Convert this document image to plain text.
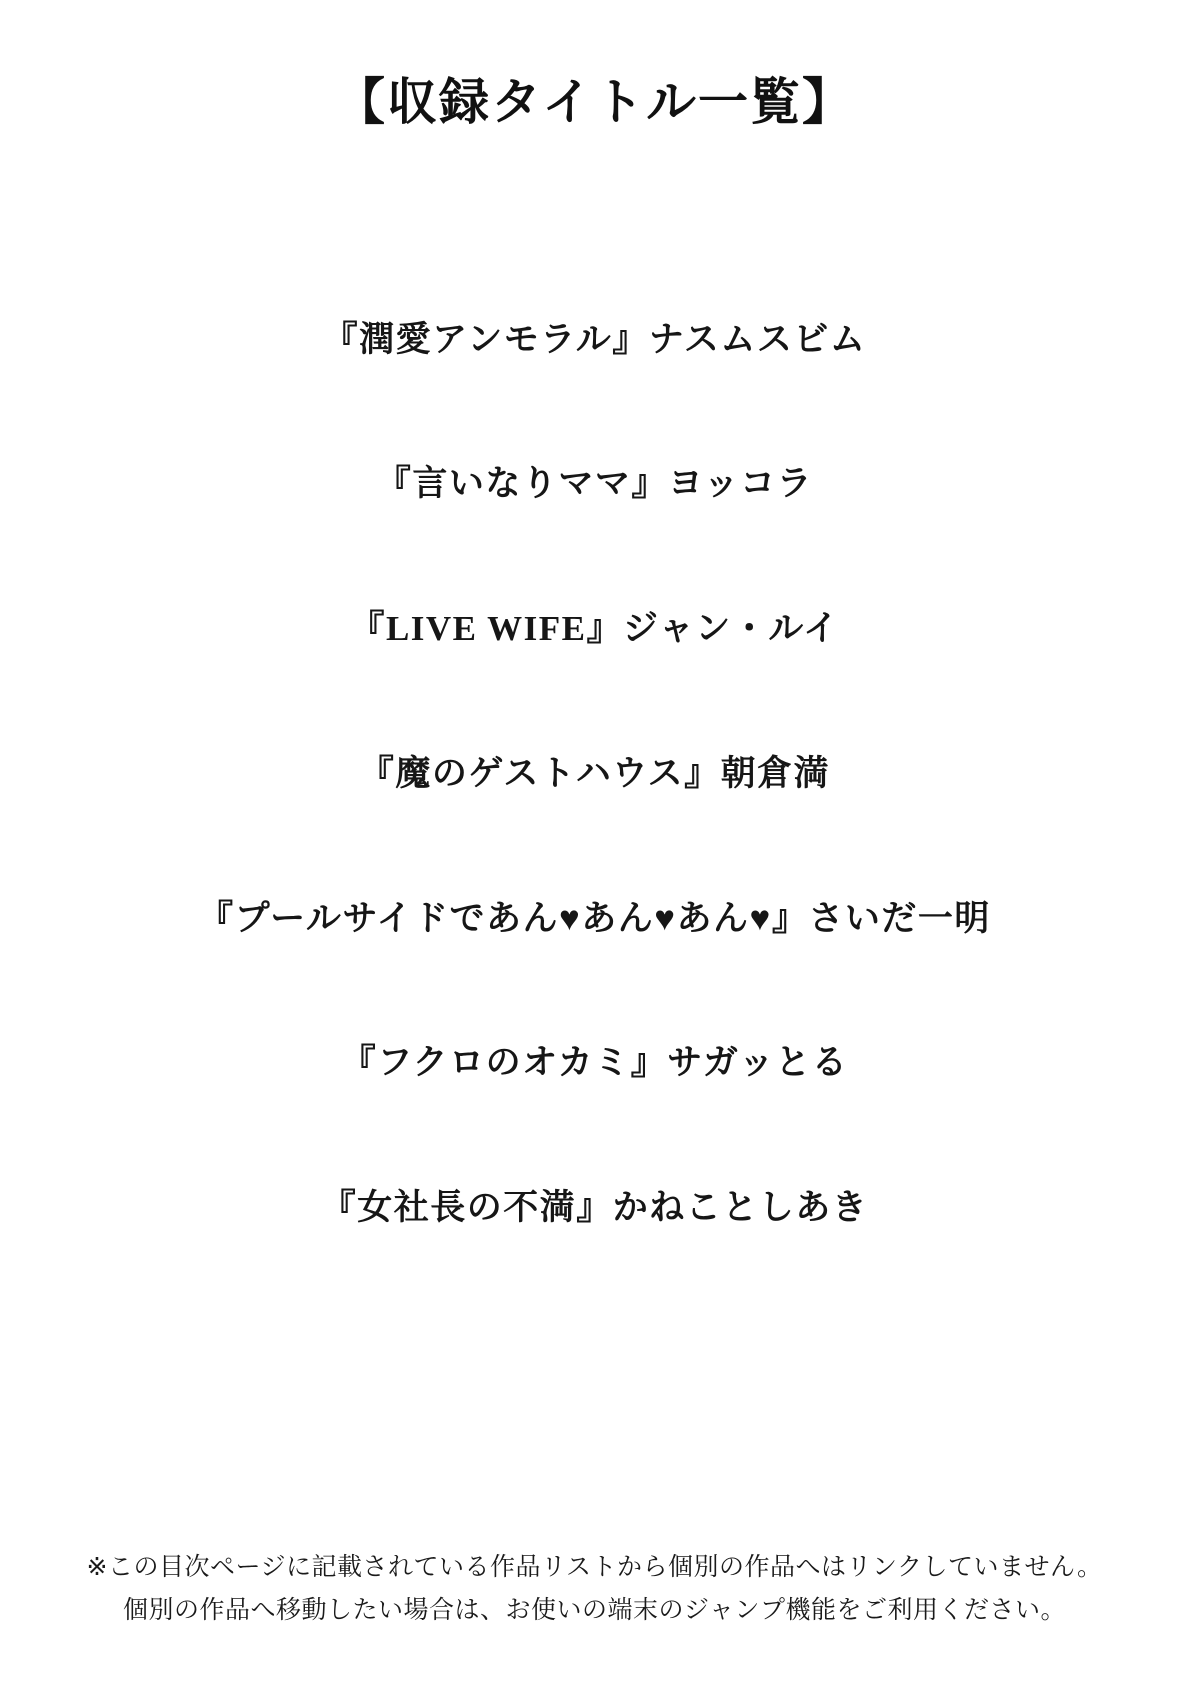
【収録タイトル一覧】
『潤愛アンモラル』ナスムスビム
『言いなりママ』ヨッコラ
『LIVE WIFE』ジャン・ルイ
『魔のゲストハウス』朝倉満
『プールサイドであん♥あん♥あん♥』さいだ一明
『フクロのオカミ』サガッとる
『女社長の不満』かねことしあき
※この目次ページに記載されている作品リストから個別の作品へはリンクしていません。
個別の作品へ移動したい場合は、お使いの端末のジャンプ機能をご利用ください。
